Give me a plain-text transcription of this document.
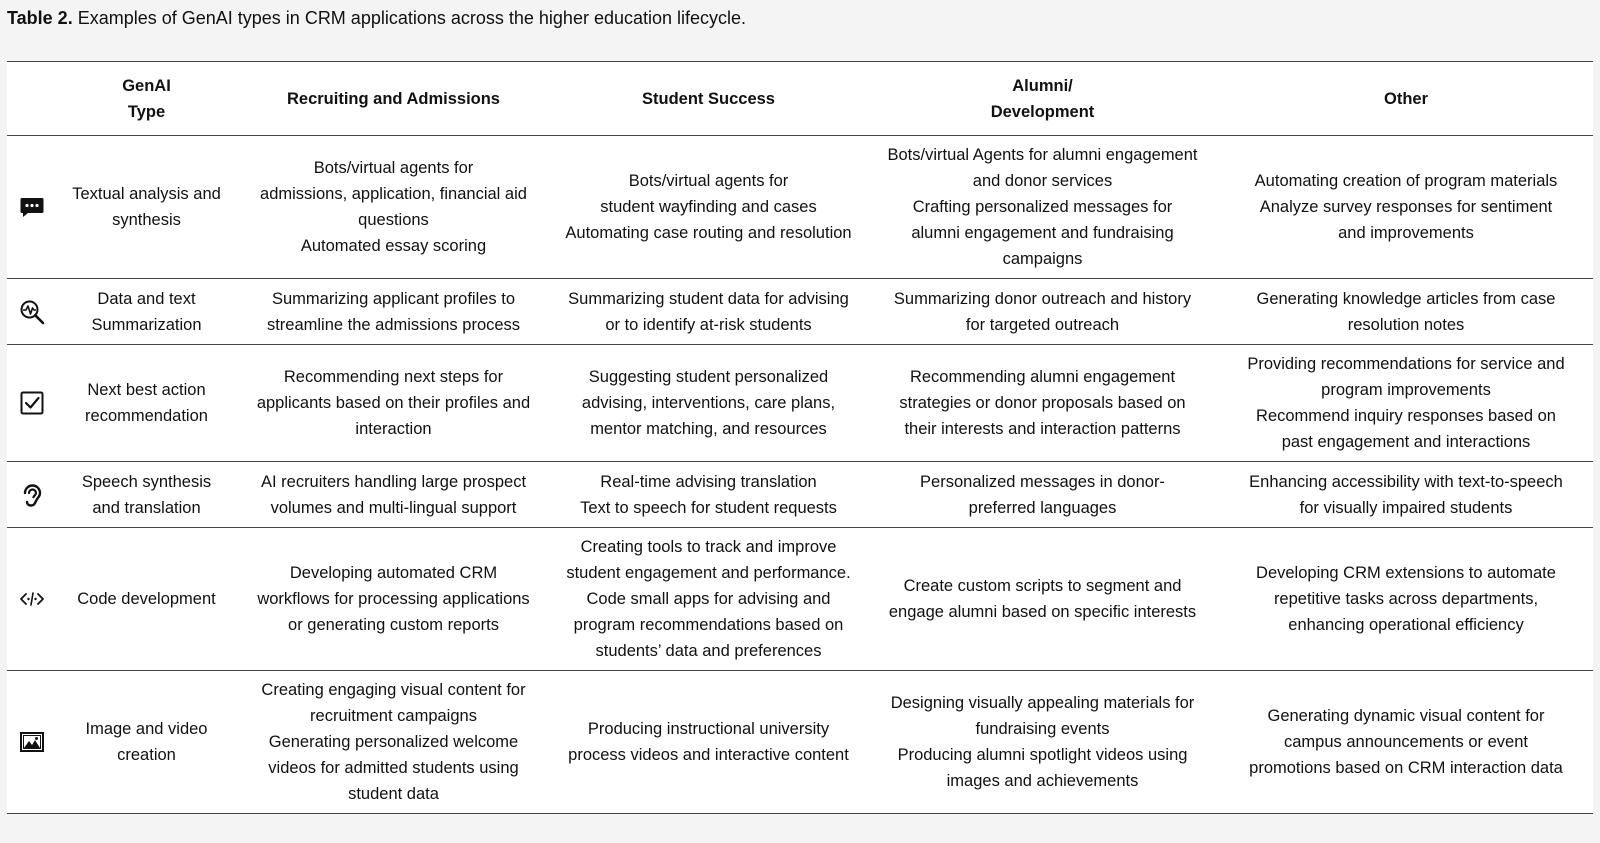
Table 2. Examples of GenAI types in CRM applications across the higher education lifecycle.

	GenAI
Type	Recruiting and Admissions	Student Success	Alumni/
Development	Other

Textual analysis and
synthesis	Bots/virtual agents for
admissions, application, financial aid
questions
Automated essay scoring	Bots/virtual agents for
student wayfinding and cases
Automating case routing and resolution	Bots/virtual Agents for alumni engagement
and donor services
Crafting personalized messages for
alumni engagement and fundraising
campaigns	Automating creation of program materials
Analyze survey responses for sentiment
and improvements

Data and text
Summarization	Summarizing applicant profiles to
streamline the admissions process	Summarizing student data for advising
or to identify at-risk students	Summarizing donor outreach and history
for targeted outreach	Generating knowledge articles from case
resolution notes

Next best action
recommendation	Recommending next steps for
applicants based on their profiles and
interaction	Suggesting student personalized
advising, interventions, care plans,
mentor matching, and resources	Recommending alumni engagement
strategies or donor proposals based on
their interests and interaction patterns	Providing recommendations for service and
program improvements
Recommend inquiry responses based on
past engagement and interactions

Speech synthesis
and translation	AI recruiters handling large prospect
volumes and multi-lingual support	Real-time advising translation
Text to speech for student requests	Personalized messages in donor-
preferred languages	Enhancing accessibility with text-to-speech
for visually impaired students

Code development	Developing automated CRM
workflows for processing applications
or generating custom reports	Creating tools to track and improve
student engagement and performance.
Code small apps for advising and
program recommendations based on
students’ data and preferences	Create custom scripts to segment and
engage alumni based on specific interests	Developing CRM extensions to automate
repetitive tasks across departments,
enhancing operational efficiency

Image and video
creation	Creating engaging visual content for
recruitment campaigns
Generating personalized welcome
videos for admitted students using
student data	Producing instructional university
process videos and interactive content	Designing visually appealing materials for
fundraising events
Producing alumni spotlight videos using
images and achievements	Generating dynamic visual content for
campus announcements or event
promotions based on CRM interaction data
